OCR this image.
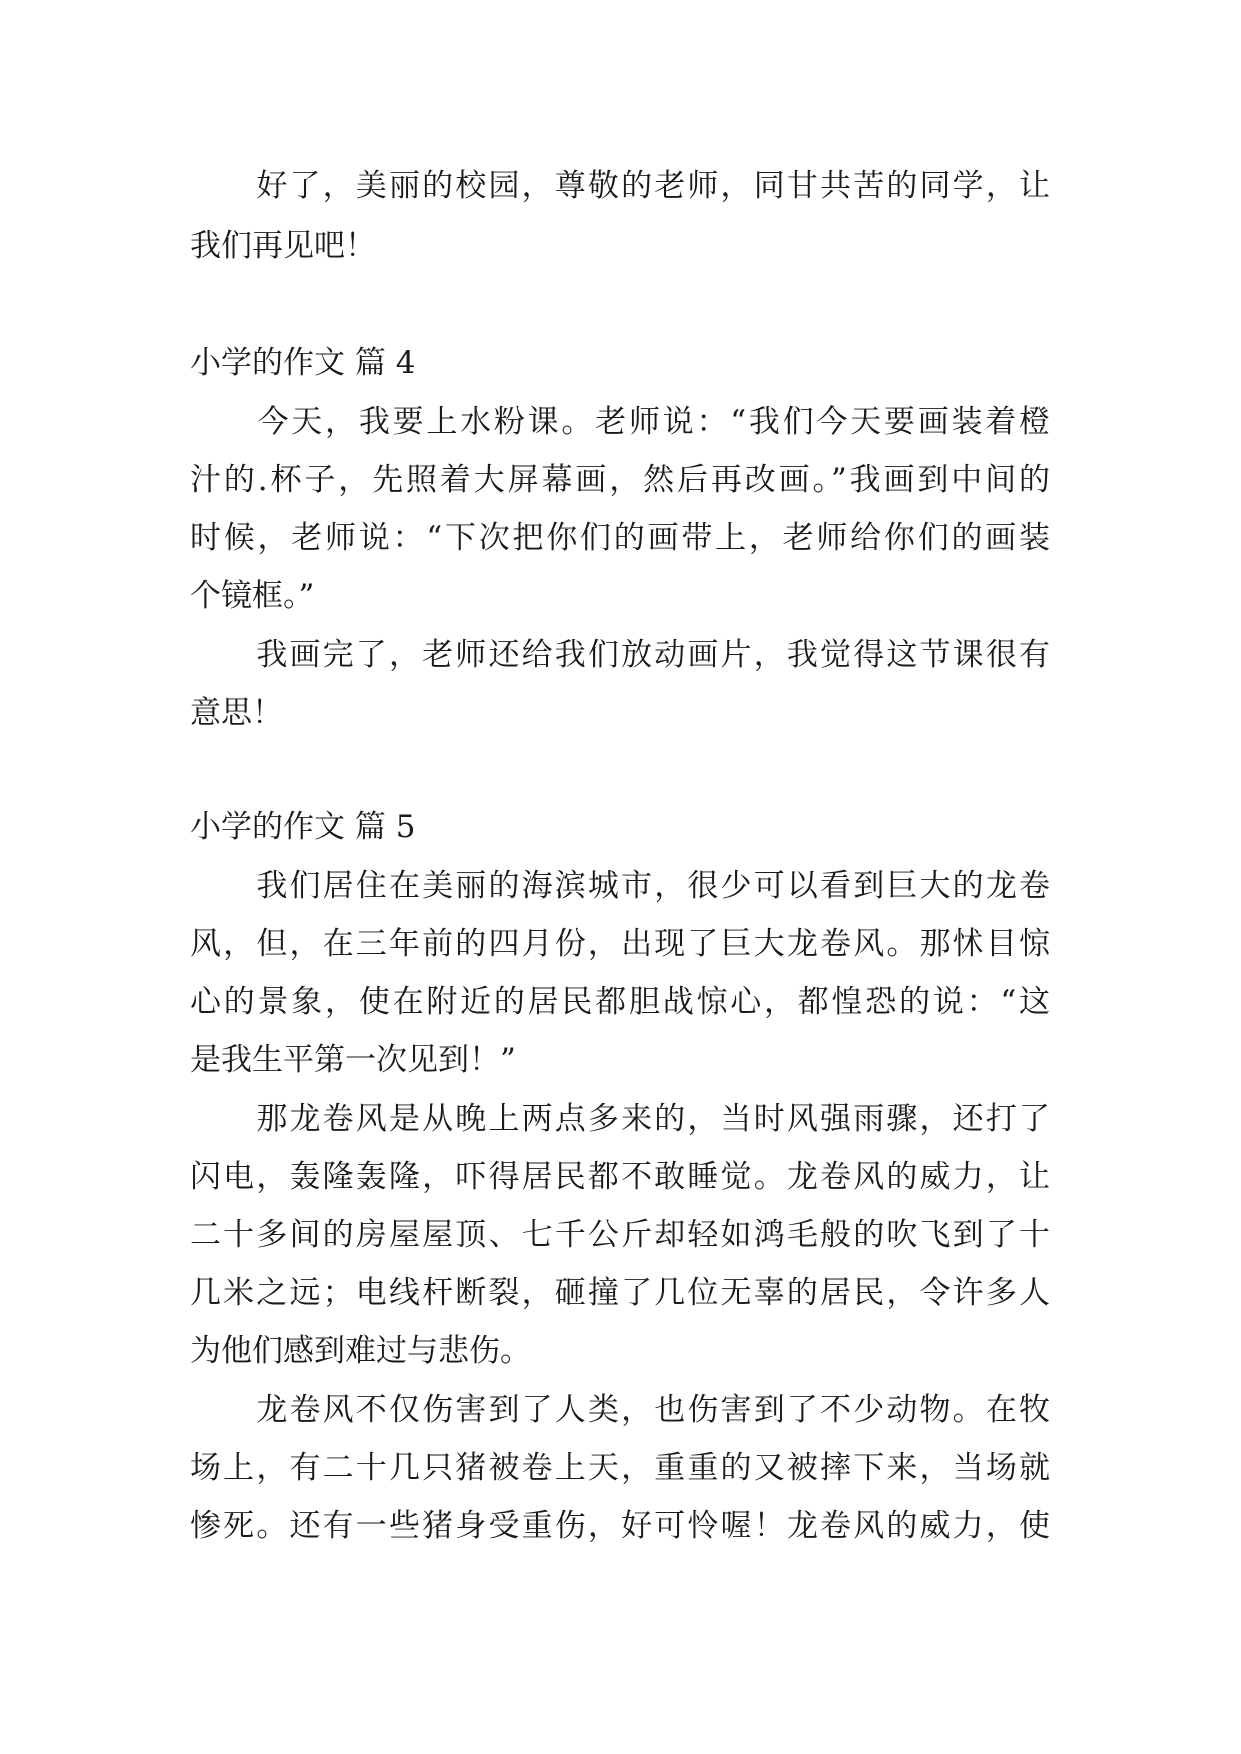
　　好了，美丽的校园，尊敬的老师，同甘共苦的同学，让
我们再见吧！
小学的作文 篇 4
　　今天，我要上水粉课。老师说：“我们今天要画装着橙
汁的.杯子，先照着大屏幕画，然后再改画。”我画到中间的
时候，老师说：“下次把你们的画带上，老师给你们的画装
个镜框。”
　　我画完了，老师还给我们放动画片，我觉得这节课很有
意思！
小学的作文 篇 5
　　我们居住在美丽的海滨城市，很少可以看到巨大的龙卷
风，但，在三年前的四月份，出现了巨大龙卷风。那怵目惊
心的景象，使在附近的居民都胆战惊心，都惶恐的说：“这
是我生平第一次见到！”
　　那龙卷风是从晚上两点多来的，当时风强雨骤，还打了
闪电，轰隆轰隆，吓得居民都不敢睡觉。龙卷风的威力，让
二十多间的房屋屋顶、七千公斤却轻如鸿毛般的吹飞到了十
几米之远；电线杆断裂，砸撞了几位无辜的居民，令许多人
为他们感到难过与悲伤。
　　龙卷风不仅伤害到了人类，也伤害到了不少动物。在牧
场上，有二十几只猪被卷上天，重重的又被摔下来，当场就
惨死。还有一些猪身受重伤，好可怜喔！龙卷风的威力，使
